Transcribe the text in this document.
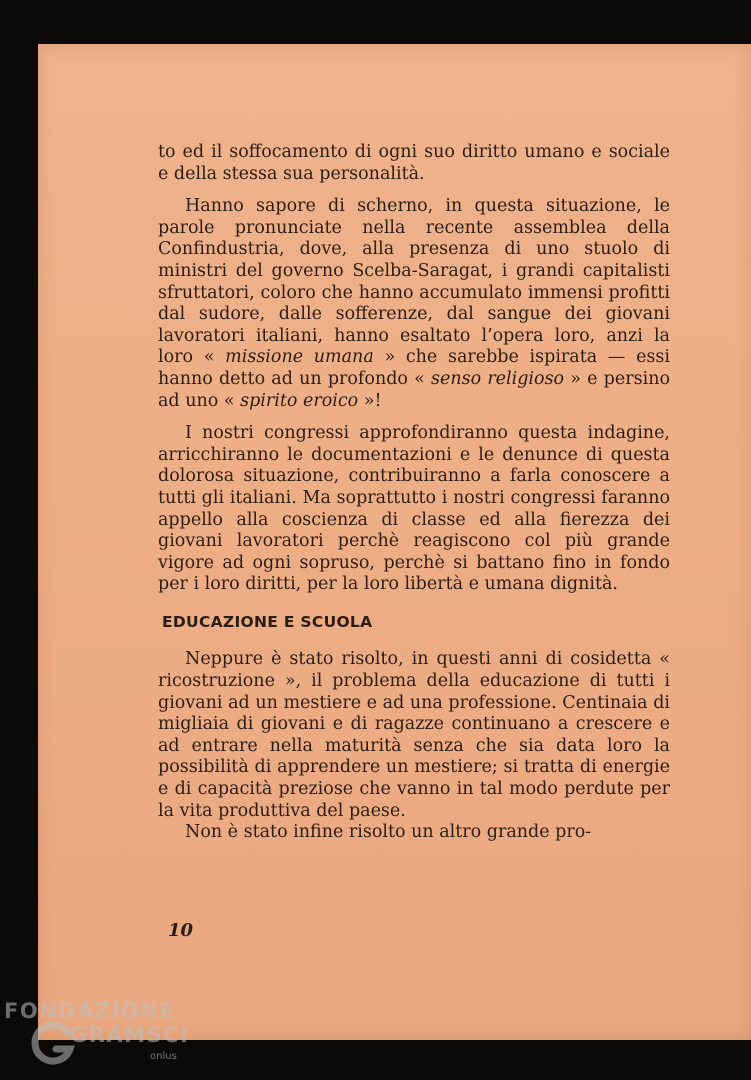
to ed il soffocamento di ogni suo diritto umano e sociale e della stessa sua personalità.

Hanno sapore di scherno, in questa situazione, le parole pronunciate nella recente assemblea della Confindustria, dove, alla presenza di uno stuolo di ministri del governo Scelba-Saragat, i grandi capitalisti sfruttatori, coloro che hanno accumulato immensi profitti dal sudore, dalle sofferenze, dal sangue dei giovani lavoratori italiani, hanno esaltato l’opera loro, anzi la loro « missione umana » che sarebbe ispirata — essi hanno detto ad un profondo « senso religioso » e persino ad uno « spirito eroico »!

I nostri congressi approfondiranno questa indagine, arricchiranno le documentazioni e le denunce di questa dolorosa situazione, contribuiranno a farla conoscere a tutti gli italiani. Ma soprattutto i nostri congressi faranno appello alla coscienza di classe ed alla fierezza dei giovani lavoratori perchè reagiscono col più grande vigore ad ogni sopruso, perchè si battano fino in fondo per i loro diritti, per la loro libertà e umana dignità.

EDUCAZIONE E SCUOLA

Neppure è stato risolto, in questi anni di cosidetta « ricostruzione », il problema della educazione di tutti i giovani ad un mestiere e ad una professione. Centinaia di migliaia di giovani e di ragazze continuano a crescere e ad entrare nella maturità senza che sia data loro la possibilità di apprendere un mestiere; si tratta di energie e di capacità preziose che vanno in tal modo perdute per la vita produttiva del paese.

Non è stato infine risolto un altro grande pro-

10
FONDAZIONE
GRAMSCI
onlus
